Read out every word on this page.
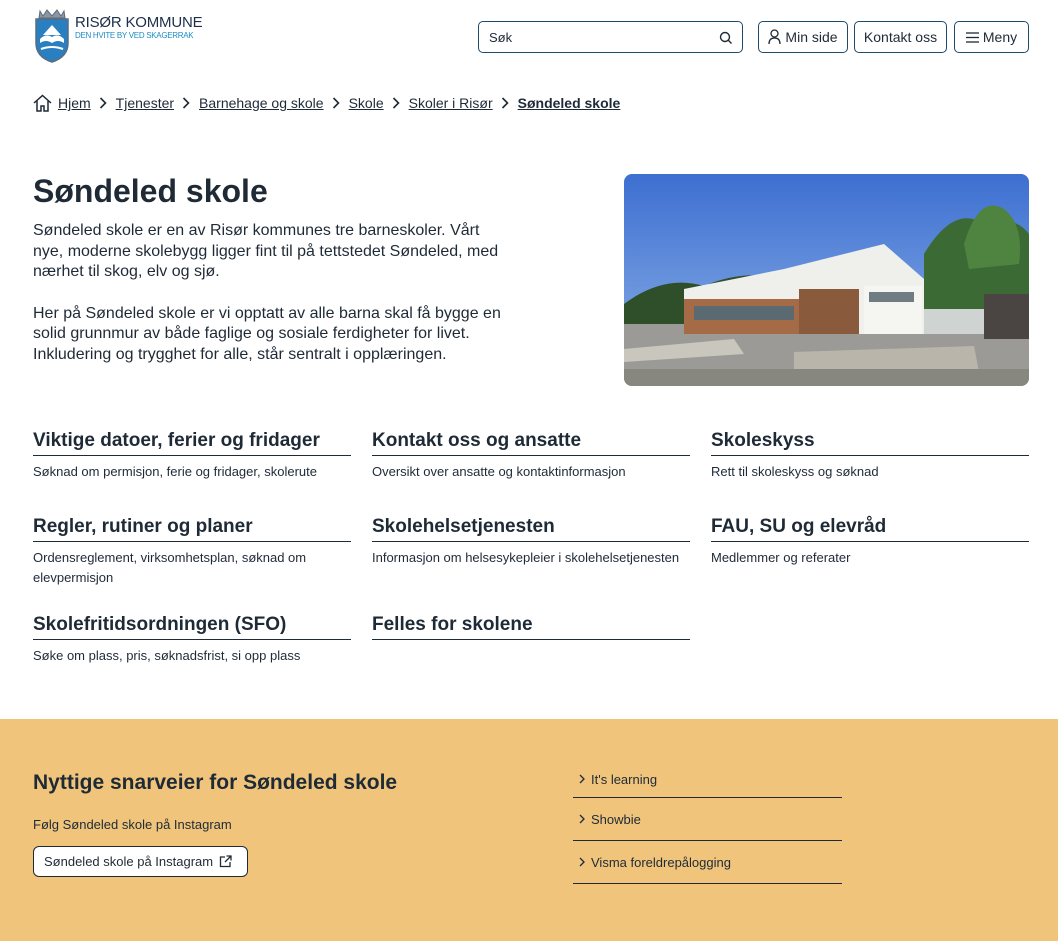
RISØR KOMMUNE
DEN HVITE BY VED SKAGERRAK
Søk	Min side Kontakt oss	Meny
Hjem Tjenester Barnehage og skole Skole Skoler i Risør Søndeled skole
Søndeled skole

Søndeled skole er en av Risør kommunes tre barneskoler. Vårt nye, moderne skolebygg ligger fint til på tettstedet Søndeled, med nærhet til skog, elv og sjø.

Her på Søndeled skole er vi opptatt av alle barna skal få bygge en solid grunnmur av både faglige og sosiale ferdigheter for livet. Inkludering og trygghet for alle, står sentralt i opplæringen.

Viktige datoer, ferier og fridager

Søknad om permisjon, ferie og fridager, skolerute

Kontakt oss og ansatte

Oversikt over ansatte og kontaktinformasjon

Skoleskyss

Rett til skoleskyss og søknad

Regler, rutiner og planer

Ordensreglement, virksomhetsplan, søknad om elevpermisjon

Skolehelsetjenesten

Informasjon om helsesykepleier i skolehelsetjenesten

FAU, SU og elevråd

Medlemmer og referater

Skolefritidsordningen (SFO)

Søke om plass, pris, søknadsfrist, si opp plass

Felles for skolene
Nyttige snarveier for Søndeled skole

Følg Søndeled skole på Instagram

Søndeled skole på Instagram
It's learning
Showbie
Visma foreldrepålogging
